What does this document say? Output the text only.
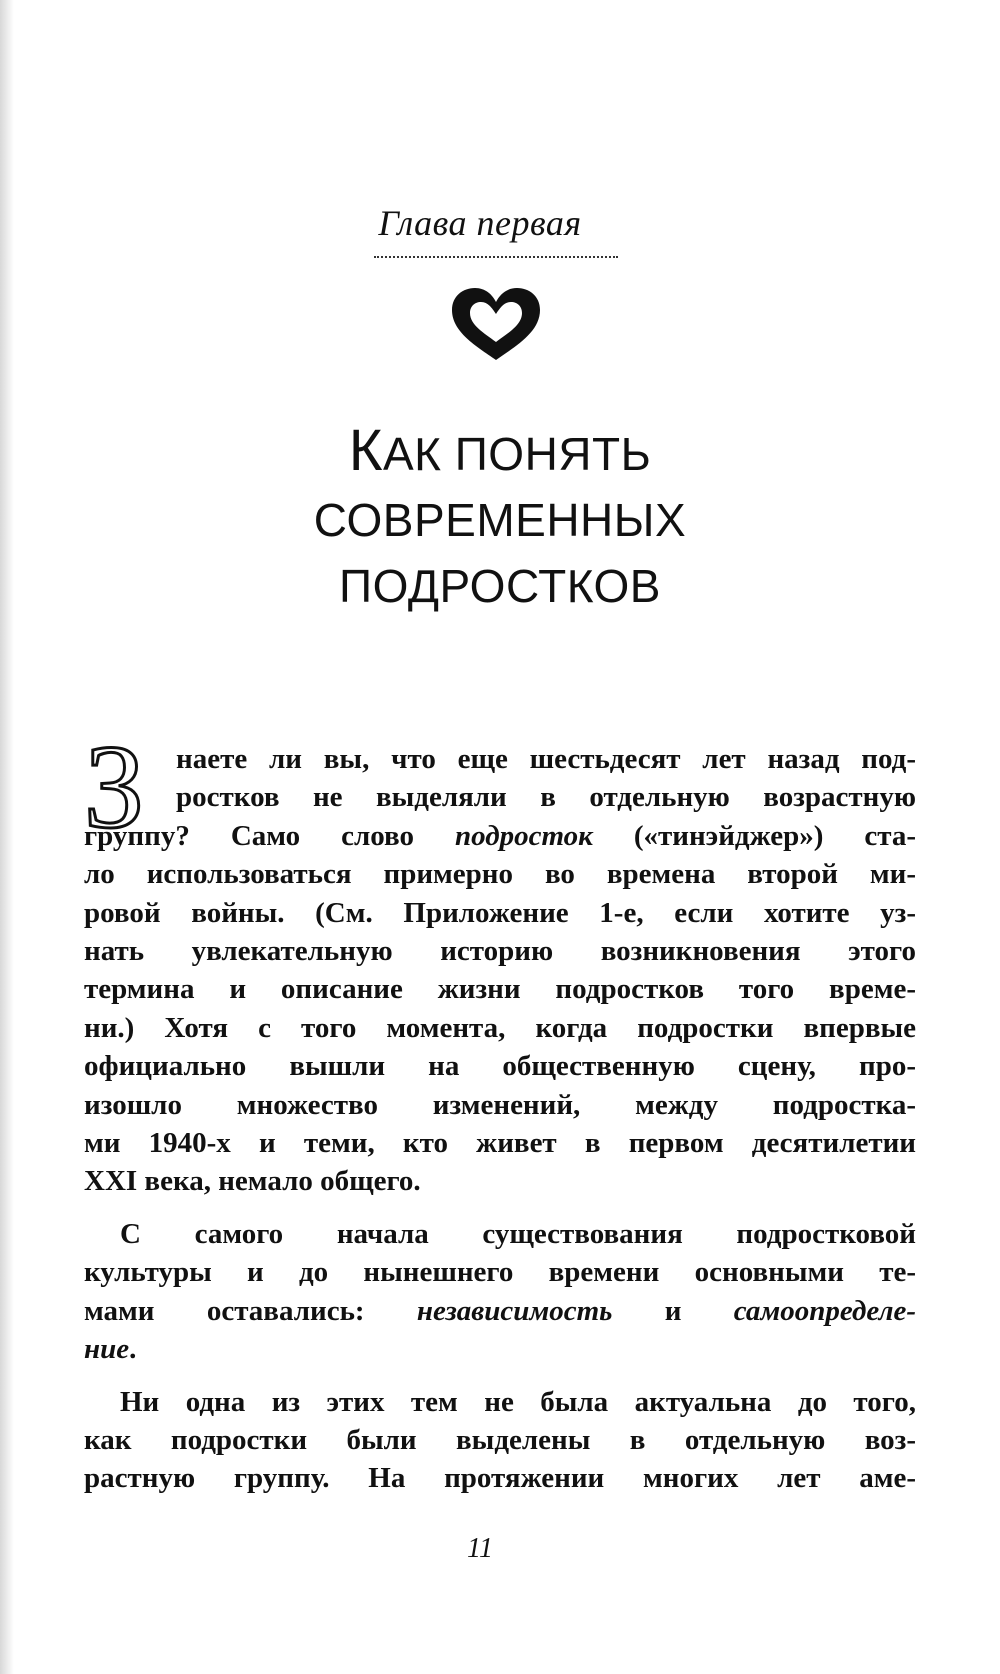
Глава первая
КАК ПОНЯТЬ
СОВРЕМЕННЫХ
ПОДРОСТКОВ
З	наете ли вы, что еще шестьдесят лет назад под-
ростков не выделяли в отдельную возрастную
группу? Само слово подросток («тинэйджер») ста-
ло использоваться примерно во времена второй ми-
ровой войны. (См. Приложение 1-е, если хотите уз-
нать увлекательную историю возникновения этого
термина и описание жизни подростков того време-
ни.) Хотя с того момента, когда подростки впервые
официально вышли на общественную сцену, про-
изошло множество изменений, между подростка-
ми 1940-х и теми, кто живет в первом десятилетии
XXI века, немало общего.

С самого начала существования подростковой
культуры и до нынешнего времени основными те-
мами оставались: независимость и самоопределе-
ние.

Ни одна из этих тем не была актуальна до того,
как подростки были выделены в отдельную воз-
растную группу. На протяжении многих лет аме-

11
